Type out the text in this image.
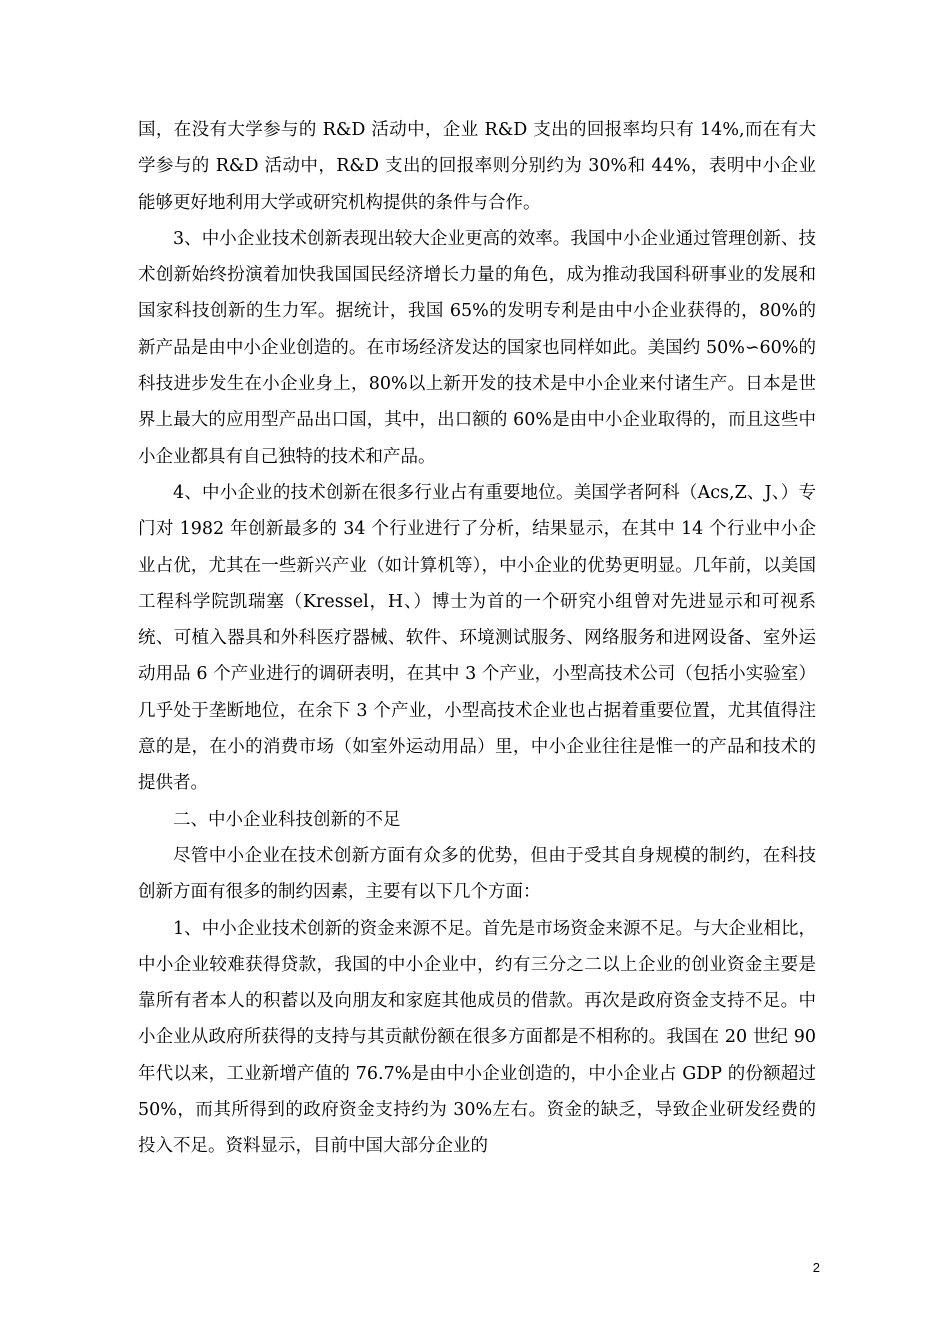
国，在没有大学参与的 R&D 活动中，企业 R&D 支出的回报率均只有 14%,而在有大学参与的 R&D 活动中，R&D 支出的回报率则分别约为 30%和 44%，表明中小企业能够更好地利用大学或研究机构提供的条件与合作。

3、中小企业技术创新表现出较大企业更高的效率。我国中小企业通过管理创新、技术创新始终扮演着加快我国国民经济增长力量的角色，成为推动我国科研事业的发展和国家科技创新的生力军。据统计，我国 65%的发明专利是由中小企业获得的，80%的新产品是由中小企业创造的。在市场经济发达的国家也同样如此。美国约 50%∽60%的科技进步发生在小企业身上，80%以上新开发的技术是中小企业来付诸生产。日本是世界上最大的应用型产品出口国，其中，出口额的 60%是由中小企业取得的，而且这些中小企业都具有自己独特的技术和产品。

4、中小企业的技术创新在很多行业占有重要地位。美国学者阿科（Acs,Z、J、）专门对 1982 年创新最多的 34 个行业进行了分析，结果显示，在其中 14 个行业中小企业占优，尤其在一些新兴产业（如计算机等），中小企业的优势更明显。几年前，以美国工程科学院凯瑞塞（Kressel，H、）博士为首的一个研究小组曾对先进显示和可视系统、可植入器具和外科医疗器械、软件、环境测试服务、网络服务和进网设备、室外运动用品 6 个产业进行的调研表明，在其中 3 个产业，小型高技术公司（包括小实验室）几乎处于垄断地位，在余下 3 个产业，小型高技术企业也占据着重要位置，尤其值得注意的是，在小的消费市场（如室外运动用品）里，中小企业往往是惟一的产品和技术的提供者。

二、中小企业科技创新的不足

尽管中小企业在技术创新方面有众多的优势，但由于受其自身规模的制约，在科技创新方面有很多的制约因素，主要有以下几个方面：

1、中小企业技术创新的资金来源不足。首先是市场资金来源不足。与大企业相比，中小企业较难获得贷款，我国的中小企业中，约有三分之二以上企业的创业资金主要是靠所有者本人的积蓄以及向朋友和家庭其他成员的借款。再次是政府资金支持不足。中小企业从政府所获得的支持与其贡献份额在很多方面都是不相称的。我国在 20 世纪 90 年代以来，工业新增产值的 76.7%是由中小企业创造的，中小企业占 GDP 的份额超过 50%，而其所得到的政府资金支持约为 30%左右。资金的缺乏，导致企业研发经费的投入不足。资料显示，目前中国大部分企业的

2
